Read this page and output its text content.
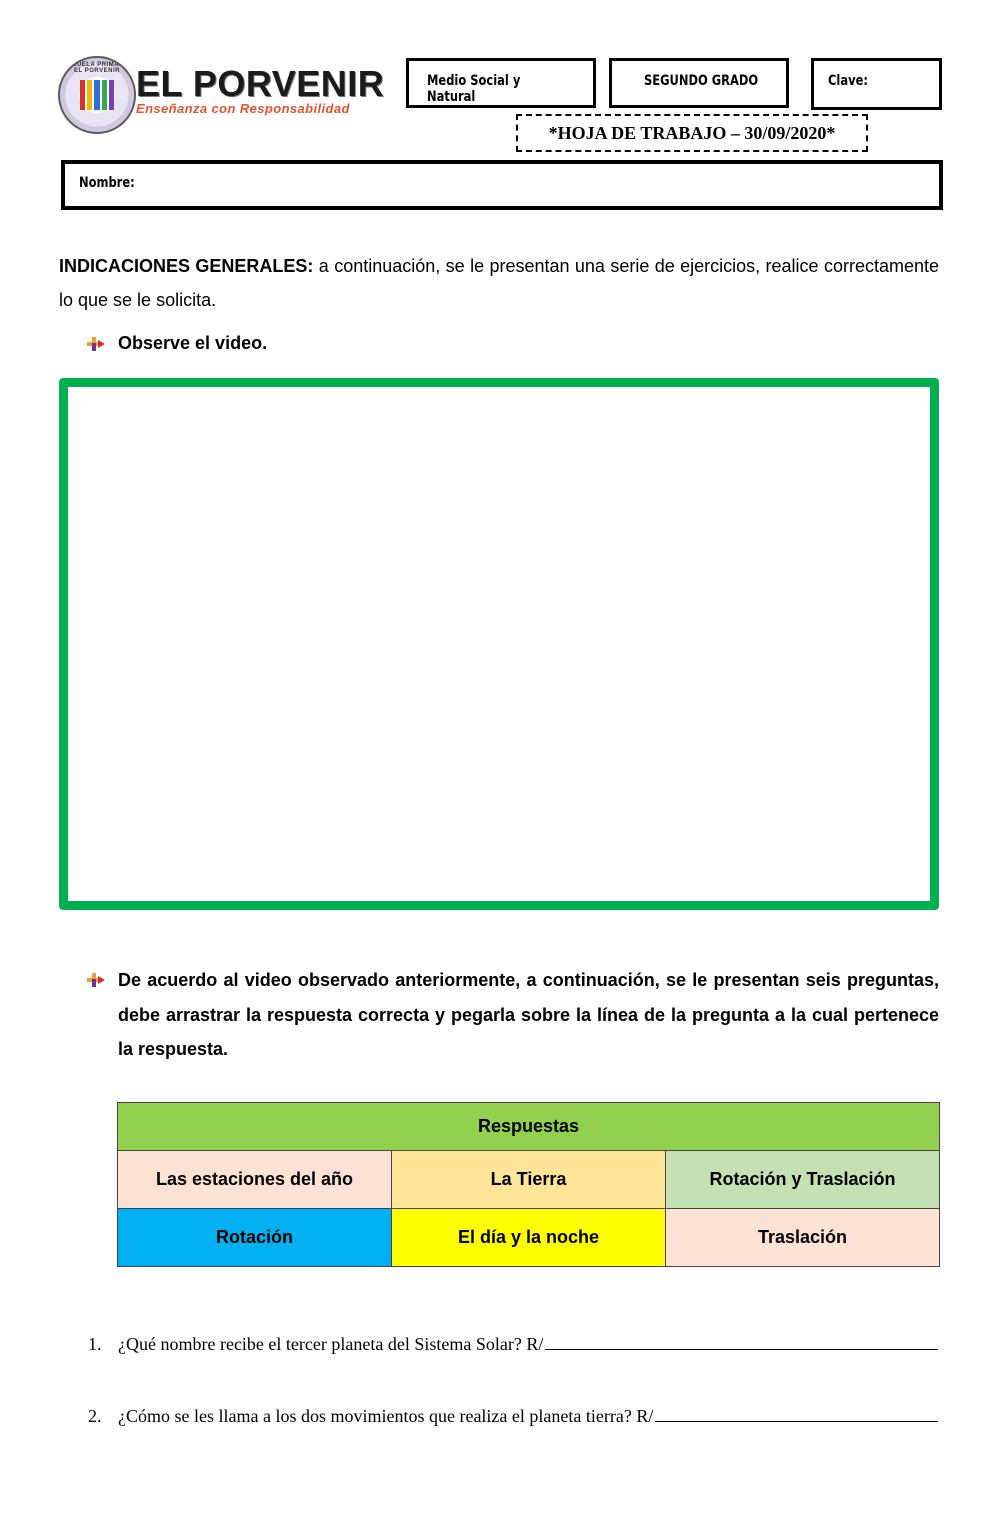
ESCUELA PRIMARIA EL PORVENIR EL PORVENIR
Enseñanza con Responsabilidad
Medio Social y Natural
SEGUNDO GRADO	Clave:
*HOJA DE TRABAJO – 30/09/2020*
Nombre:
INDICACIONES GENERALES: a continuación, se le presentan una serie de ejercicios, realice correctamente lo que se le solicita.
Observe el video.
De acuerdo al video observado anteriormente, a continuación, se le presentan seis preguntas, debe arrastrar la respuesta correcta y pegarla sobre la línea de la pregunta a la cual pertenece la respuesta.
Respuestas		
Las estaciones del año	La Tierra	Rotación y Traslación
Rotación	El día y la noche	Traslación
1. ¿Qué nombre recibe el tercer planeta del Sistema Solar? R/
2. ¿Cómo se les llama a los dos movimientos que realiza el planeta tierra? R/
